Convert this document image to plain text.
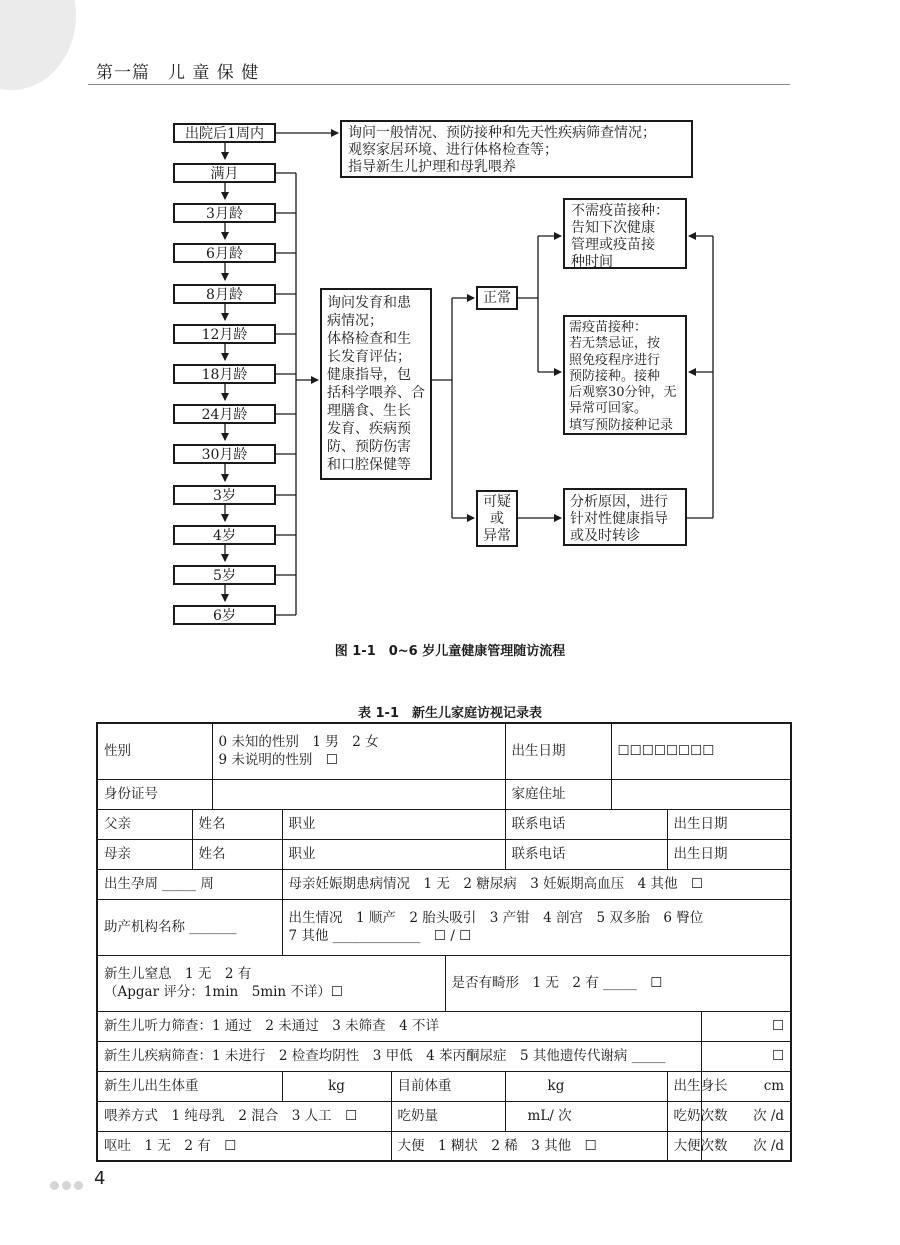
第一篇　儿 童 保 健
出院后1周内
满月
3月龄
6月龄
8月龄
12月龄
18月龄
24月龄
30月龄
3岁
4岁
5岁
6岁
询问一般情况、预防接种和先天性疾病筛查情况；
观察家居环境、进行体格检查等；
指导新生儿护理和母乳喂养
询问发育和患
病情况；
体格检查和生
长发育评估；
健康指导，包
括科学喂养、合
理膳食、生长
发育、疾病预
防、预防伤害
和口腔保健等
正常
可疑
或
异常
不需疫苗接种：
告知下次健康
管理或疫苗接
种时间
需疫苗接种：
若无禁忌证，按
照免疫程序进行
预防接种。接种
后观察30分钟，无
异常可回家。
填写预防接种记录
分析原因，进行
针对性健康指导
或及时转诊
图 1-1　0~6 岁儿童健康管理随访流程
表 1-1　新生儿家庭访视记录表
性别		0 未知的性别　1 男　2 女
9 未说明的性别　☐				出生日期	☐☐☐☐☐☐☐☐		
身份证号						家庭住址			
父亲	姓名		职业			联系电话		出生日期	
母亲	姓名		职业			联系电话		出生日期	
出生孕周 _____ 周			母亲妊娠期患病情况　1 无　2 糖尿病　3 妊娠期高血压　4 其他　☐						
助产机构名称 _______			出生情况　1 顺产　2 胎头吸引　3 产钳　4 剖宫　5 双多胎　6 臀位
7 其他 _____________　☐ / ☐						

新生儿窒息　1 无　2 有
（Apgar 评分：1min　5min 不详）☐					是否有畸形　1 无　2 有 _____　☐				
新生儿听力筛查：1 通过　2 未通过　3 未筛查　4 不详									☐
新生儿疾病筛查：1 未进行　2 检查均阴性　3 甲低　4 苯丙酮尿症　5 其他遗传代谢病 _____									☐
新生儿出生体重			kg	目前体重		kg		出生身长	cm
喂养方式　1 纯母乳　2 混合　3 人工　☐				吃奶量		mL/ 次		吃奶次数	次 /d
呕吐　1 无　2 有　☐				大便　1 糊状　2 稀　3 其他　☐				大便次数	次 /d
4
